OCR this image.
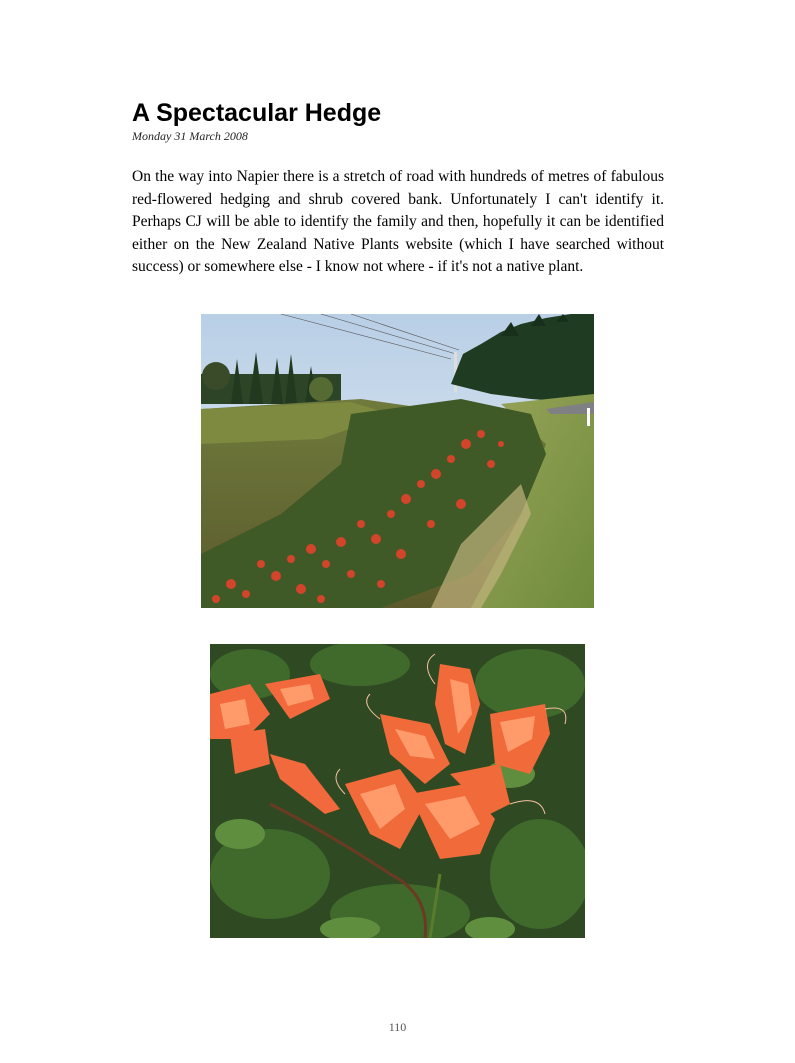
A Spectacular Hedge
Monday 31 March 2008

On the way into Napier there is a stretch of road with hundreds of metres of fabulous red-flowered hedging and shrub covered bank. Unfortunately I can't identify it. Perhaps CJ will be able to identify the family and then, hopefully it can be identified either on the New Zealand Native Plants website (which I have searched without success) or somewhere else - I know not where - if it's not a native plant.

110
